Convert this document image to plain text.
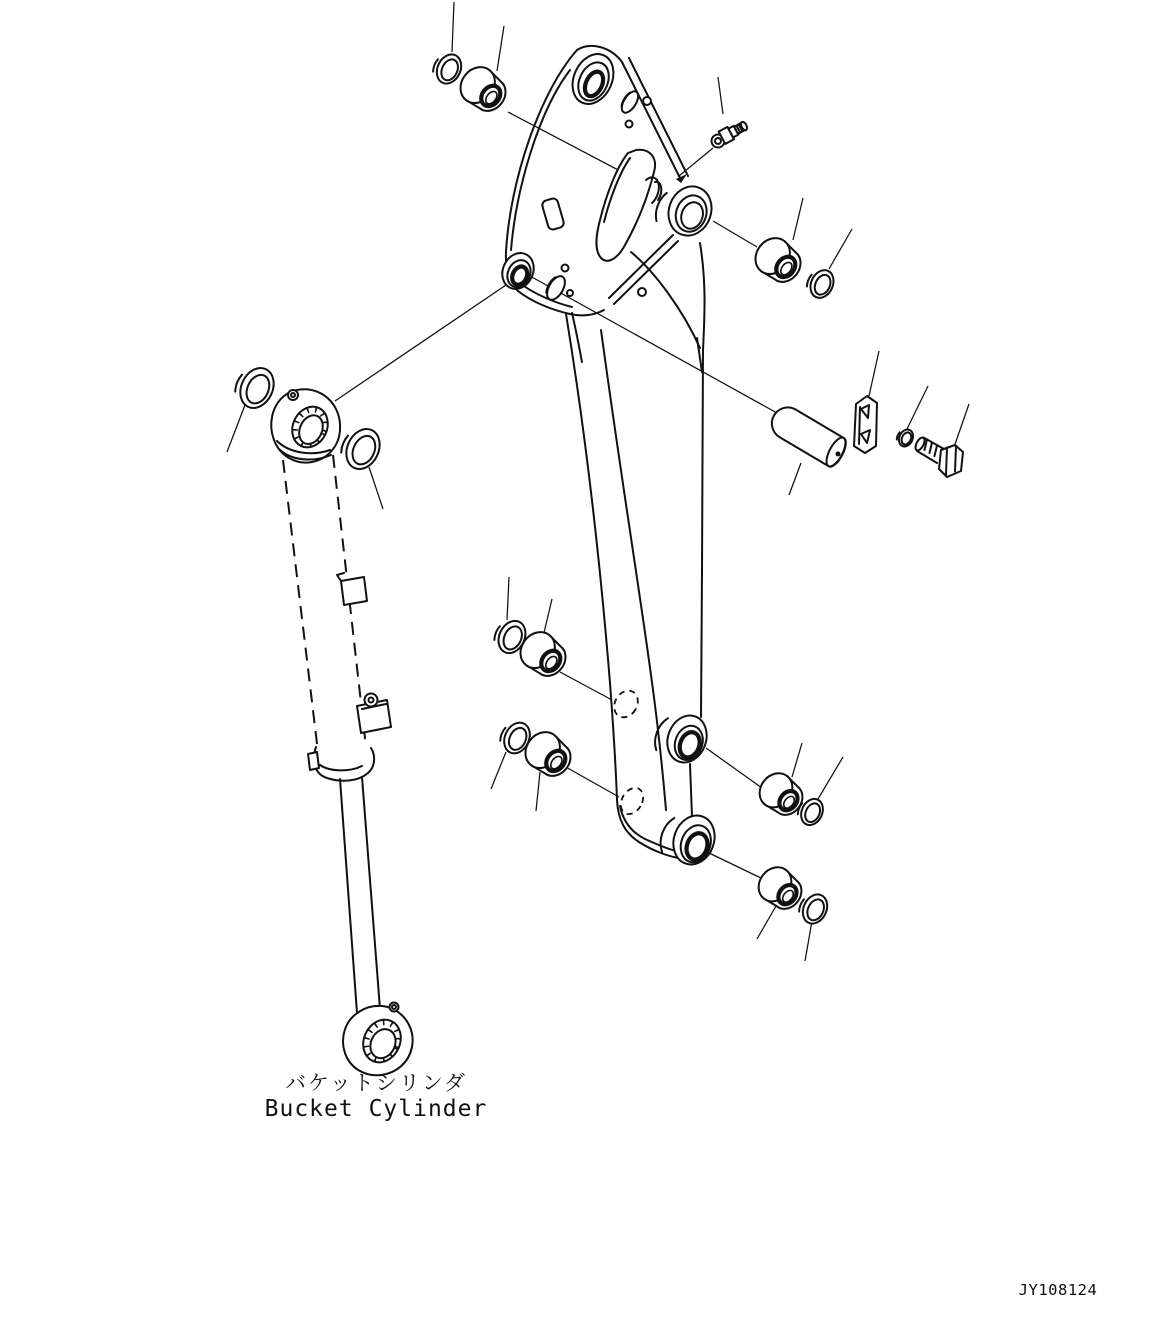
バケットシリンダ
Bucket Cylinder
JY108124
